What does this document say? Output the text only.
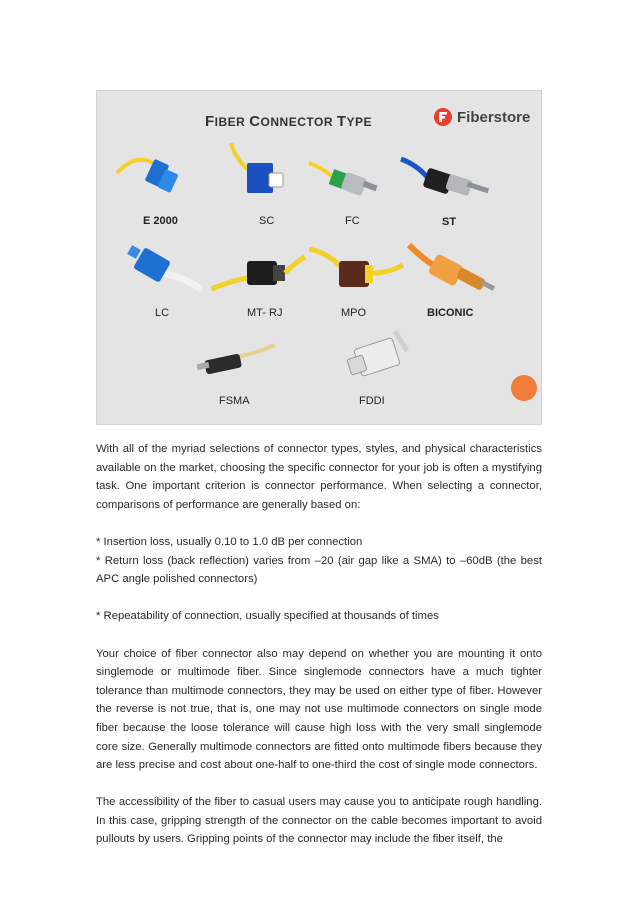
FIBER CONNECTOR TYPE	Fiberstore
E 2000	SC	FC	ST
LC	MT- RJ	MPO	BICONIC
FSMA	FDDI

With all of the myriad selections of connector types, styles, and physical characteristics available on the market, choosing the specific connector for your job is often a mystifying task. One important criterion is connector performance. When selecting a connector, comparisons of performance are generally based on:

* Insertion loss, usually 0.10 to 1.0 dB per connection

* Return loss (back reflection) varies from –20 (air gap like a SMA) to –60dB (the best APC angle polished connectors)

* Repeatability of connection, usually specified at thousands of times

Your choice of fiber connector also may depend on whether you are mounting it onto singlemode or multimode fiber. Since singlemode connectors have a much tighter tolerance than multimode connectors, they may be used on either type of fiber. However the reverse is not true, that is, one may not use multimode connectors on single mode fiber because the loose tolerance will cause high loss with the very small singlemode core size. Generally multimode connectors are fitted onto multimode fibers because they are less precise and cost about one-half to one-third the cost of single mode connectors.

The accessibility of the fiber to casual users may cause you to anticipate rough handling. In this case, gripping strength of the connector on the cable becomes important to avoid pullouts by users. Gripping points of the connector may include the fiber itself, the
